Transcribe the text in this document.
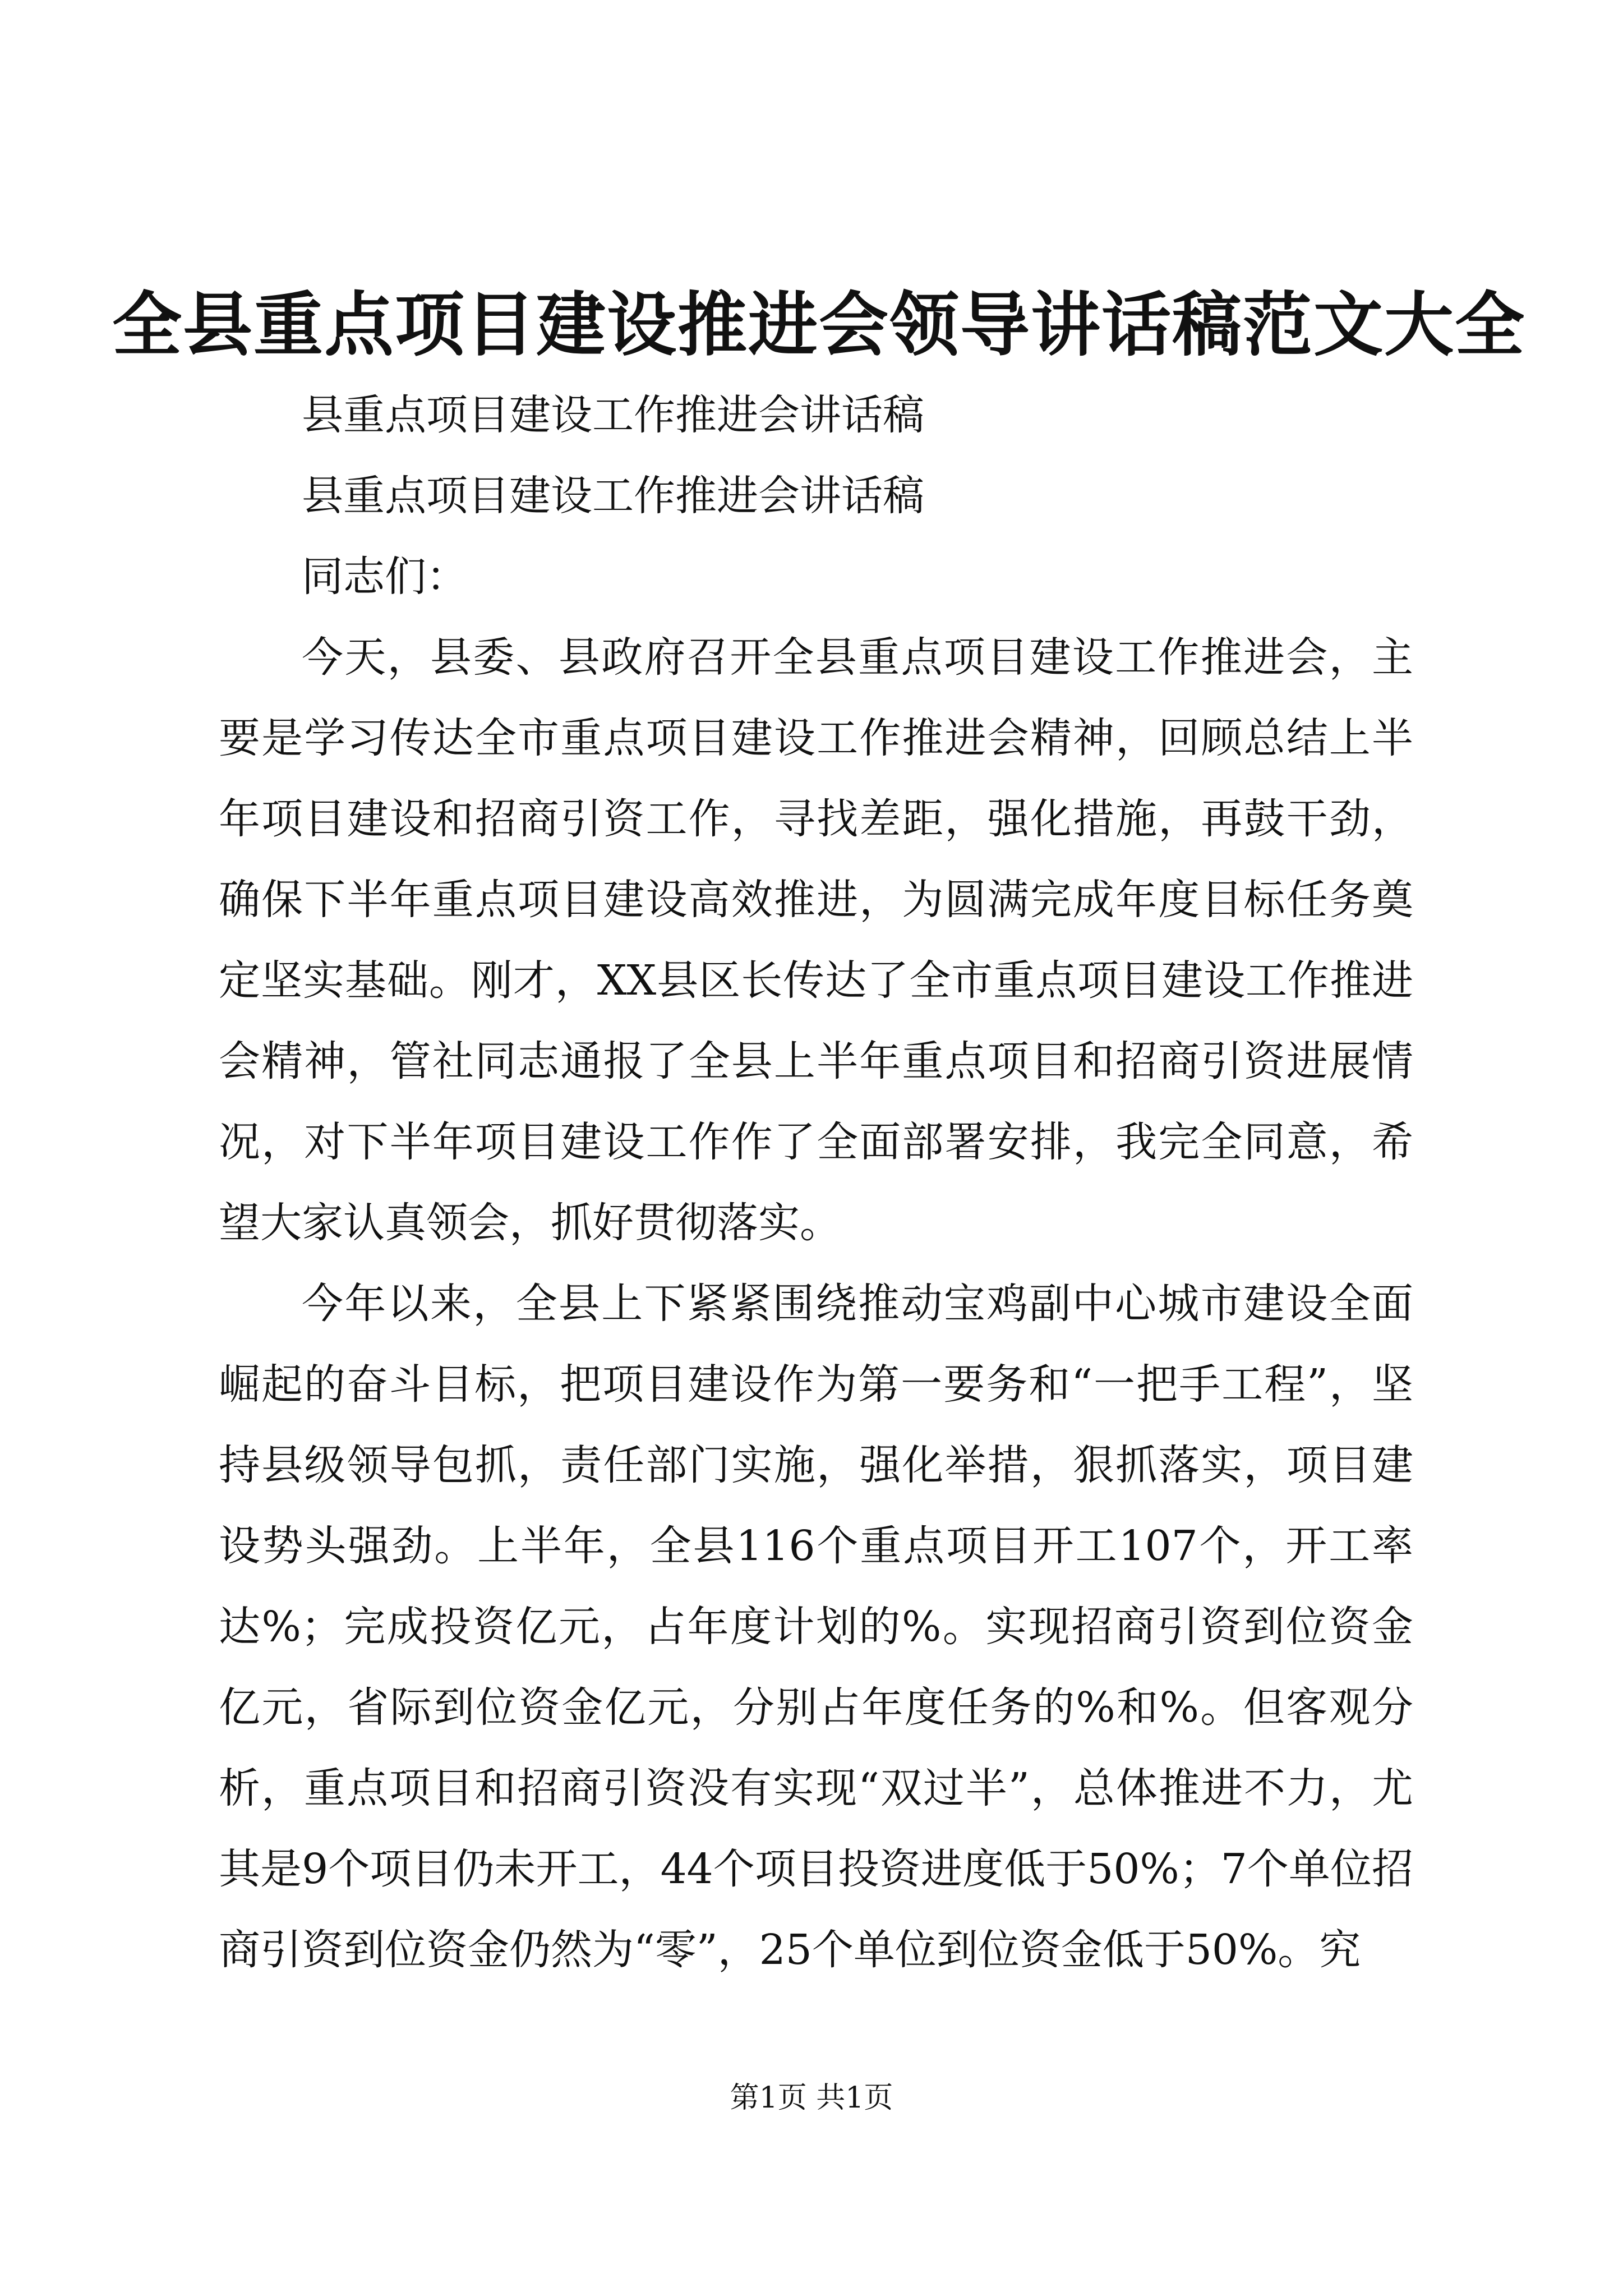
全县重点项目建设推进会领导讲话稿范文大全

县重点项目建设工作推进会讲话稿

县重点项目建设工作推进会讲话稿

同志们：

今天，县委、县政府召开全县重点项目建设工作推进会，主要是学习传达全市重点项目建设工作推进会精神，回顾总结上半年项目建设和招商引资工作，寻找差距，强化措施，再鼓干劲，确保下半年重点项目建设高效推进，为圆满完成年度目标任务奠定坚实基础。刚才，XX县区长传达了全市重点项目建设工作推进会精神，管社同志通报了全县上半年重点项目和招商引资进展情况，对下半年项目建设工作作了全面部署安排，我完全同意，希望大家认真领会，抓好贯彻落实。

今年以来，全县上下紧紧围绕推动宝鸡副中心城市建设全面崛起的奋斗目标，把项目建设作为第一要务和“一把手工程”，坚持县级领导包抓，责任部门实施，强化举措，狠抓落实，项目建设势头强劲。上半年，全县116个重点项目开工107个，开工率达%；完成投资亿元，占年度计划的%。实现招商引资到位资金亿元，省际到位资金亿元，分别占年度任务的%和%。但客观分析，重点项目和招商引资没有实现“双过半”，总体推进不力，尤其是9个项目仍未开工，44个项目投资进度低于50%；7个单位招商引资到位资金仍然为“零”，25个单位到位资金低于50%。究

第1页 共1页
